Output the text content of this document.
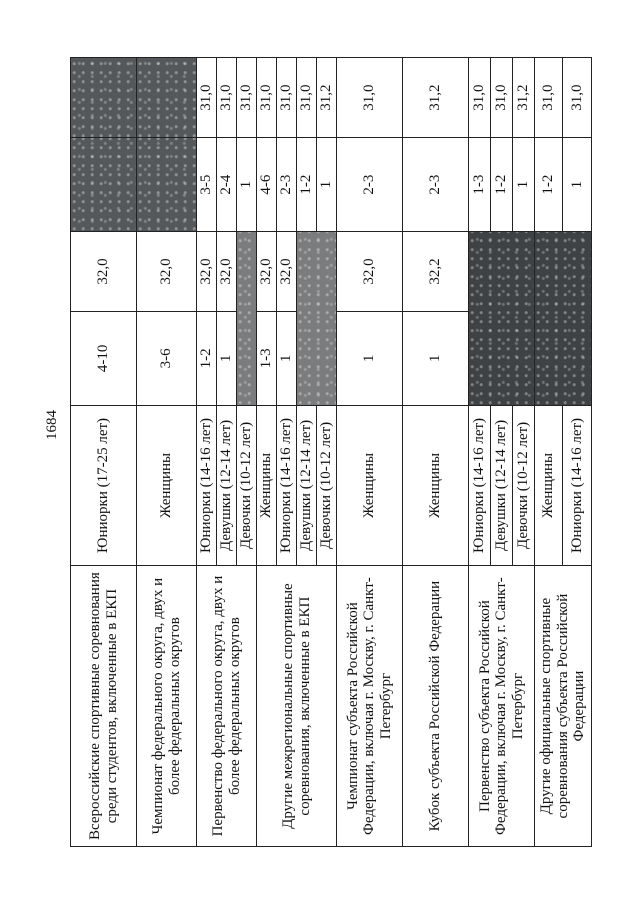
1684
Всероссийские спортивные соревнования среди студентов, включенные в ЕКП	Юниорки (17-25 лет)	4-10	32,0		

Чемпионат федерального округа, двух и более федеральных округов	Женщины	3-6	32,0		

Первенство федерального округа, двух и более федеральных округов	Юниорки (14-16 лет)	1-2	32,0	3-5	31,0
	Девушки (12-14 лет)	1	32,0	2-4	31,0
	Девочки (10-12 лет)			1	31,0
Другие межрегиональные спортивные соревнования, включенные в ЕКП	Женщины	1-3	32,0	4-6	31,0
	Юниорки (14-16 лет)	1	32,0	2-3	31,0
	Девушки (12-14 лет)			1-2	31,0
	Девочки (10-12 лет)			1	31,2
Чемпионат субъекта Российской Федерации, включая г. Москву, г. Санкт-Петербург	Женщины	1	32,0	2-3	31,0
Кубок субъекта Российской Федерации	Женщины	1	32,2	2-3	31,2
Первенство субъекта Российской Федерации, включая г. Москву, г. Санкт-Петербург	Юниорки (14-16 лет)			1-3	31,0
	Девушки (12-14 лет)			1-2	31,0
	Девочки (10-12 лет)			1	31,2
Другие официальные спортивные соревнования субъекта Российской Федерации	Женщины			1-2	31,0
	Юниорки (14-16 лет)			1	31,0
